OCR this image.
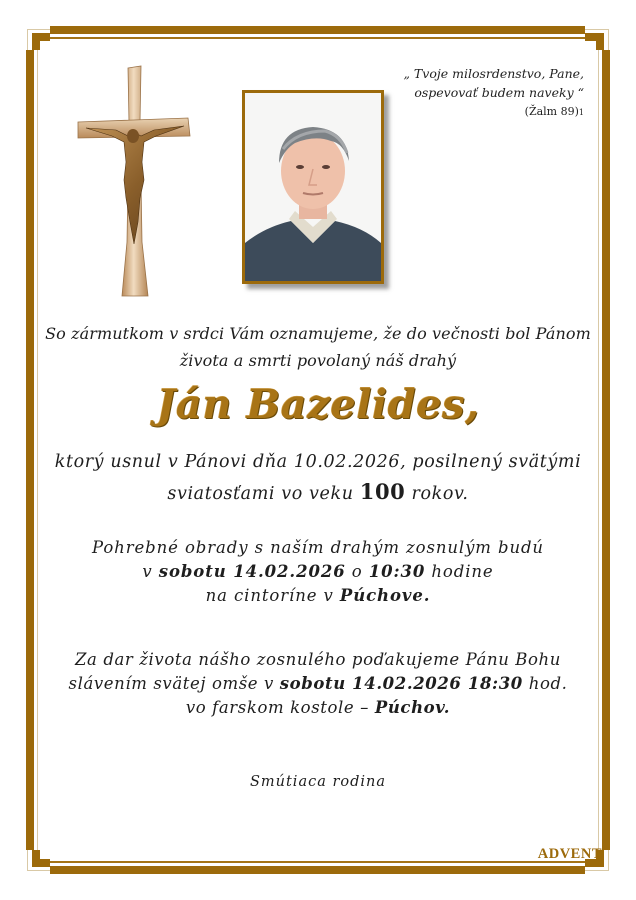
„ Tvoje milosrdenstvo, Pane,
ospevovať budem naveky “
(Žalm 89)1
So zármutkom v srdci Vám oznamujeme, že do večnosti bol Pánom
života a smrti povolaný náš drahý
Ján Bazelides,
ktorý usnul v Pánovi dňa 10.02.2026, posilnený svätými
sviatosťami vo veku 100 rokov.
Pohrebné obrady s naším drahým zosnulým budú
v sobotu 14.02.2026 o 10:30 hodine
na cintoríne v Púchove.
Za dar života nášho zosnulého poďakujeme Pánu Bohu
slávením svätej omše v sobotu 14.02.2026 18:30 hod.
vo farskom kostole – Púchov.
Smútiaca rodina
ADVENT
